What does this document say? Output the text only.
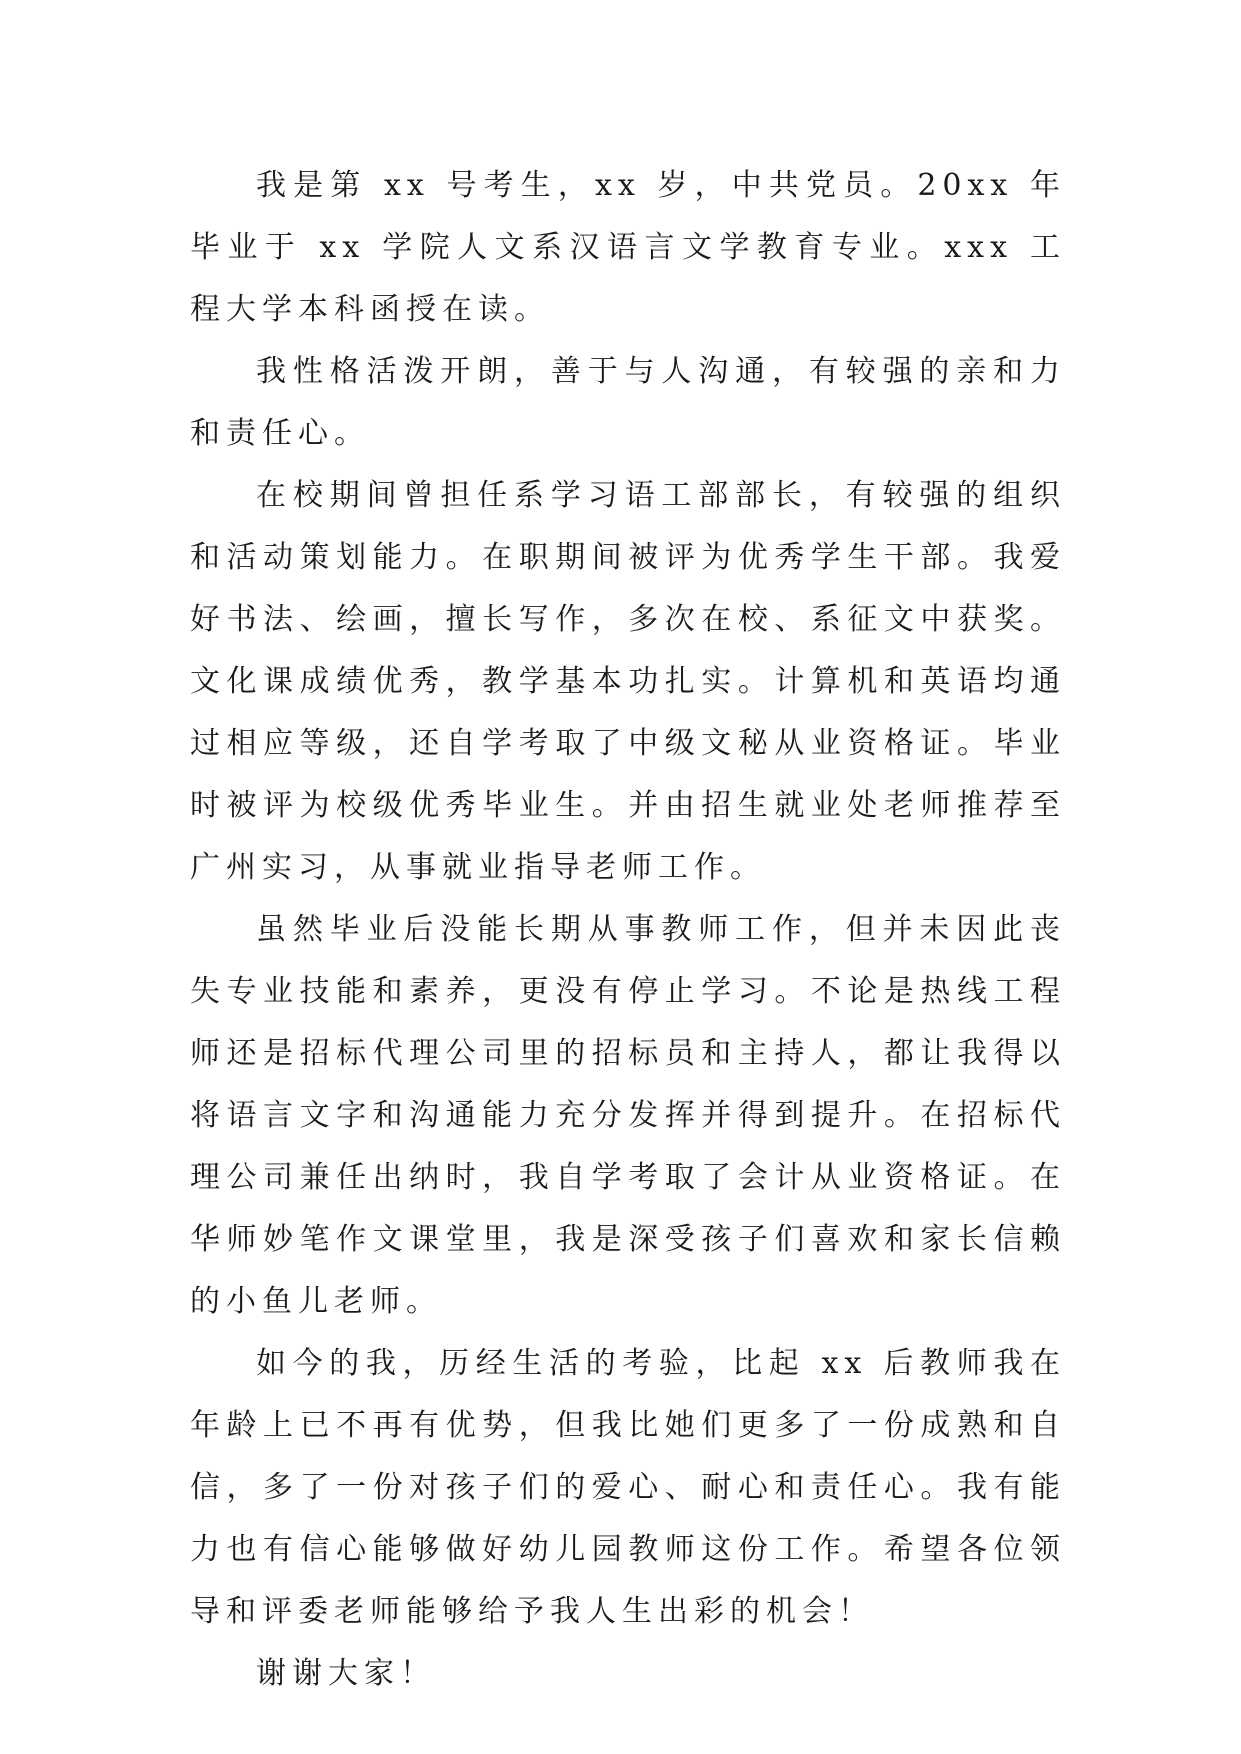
我是第 xx 号考生，xx 岁，中共党员。20xx 年毕业于 xx 学院人文系汉语言文学教育专业。xxx 工程大学本科函授在读。

我性格活泼开朗，善于与人沟通，有较强的亲和力和责任心。

在校期间曾担任系学习语工部部长，有较强的组织和活动策划能力。在职期间被评为优秀学生干部。我爱好书法、绘画，擅长写作，多次在校、系征文中获奖。文化课成绩优秀，教学基本功扎实。计算机和英语均通过相应等级，还自学考取了中级文秘从业资格证。毕业时被评为校级优秀毕业生。并由招生就业处老师推荐至广州实习，从事就业指导老师工作。

虽然毕业后没能长期从事教师工作，但并未因此丧失专业技能和素养，更没有停止学习。不论是热线工程师还是招标代理公司里的招标员和主持人，都让我得以将语言文字和沟通能力充分发挥并得到提升。在招标代理公司兼任出纳时，我自学考取了会计从业资格证。在华师妙笔作文课堂里，我是深受孩子们喜欢和家长信赖的小鱼儿老师。

如今的我，历经生活的考验，比起 xx 后教师我在年龄上已不再有优势，但我比她们更多了一份成熟和自信，多了一份对孩子们的爱心、耐心和责任心。我有能力也有信心能够做好幼儿园教师这份工作。希望各位领导和评委老师能够给予我人生出彩的机会！

谢谢大家！
